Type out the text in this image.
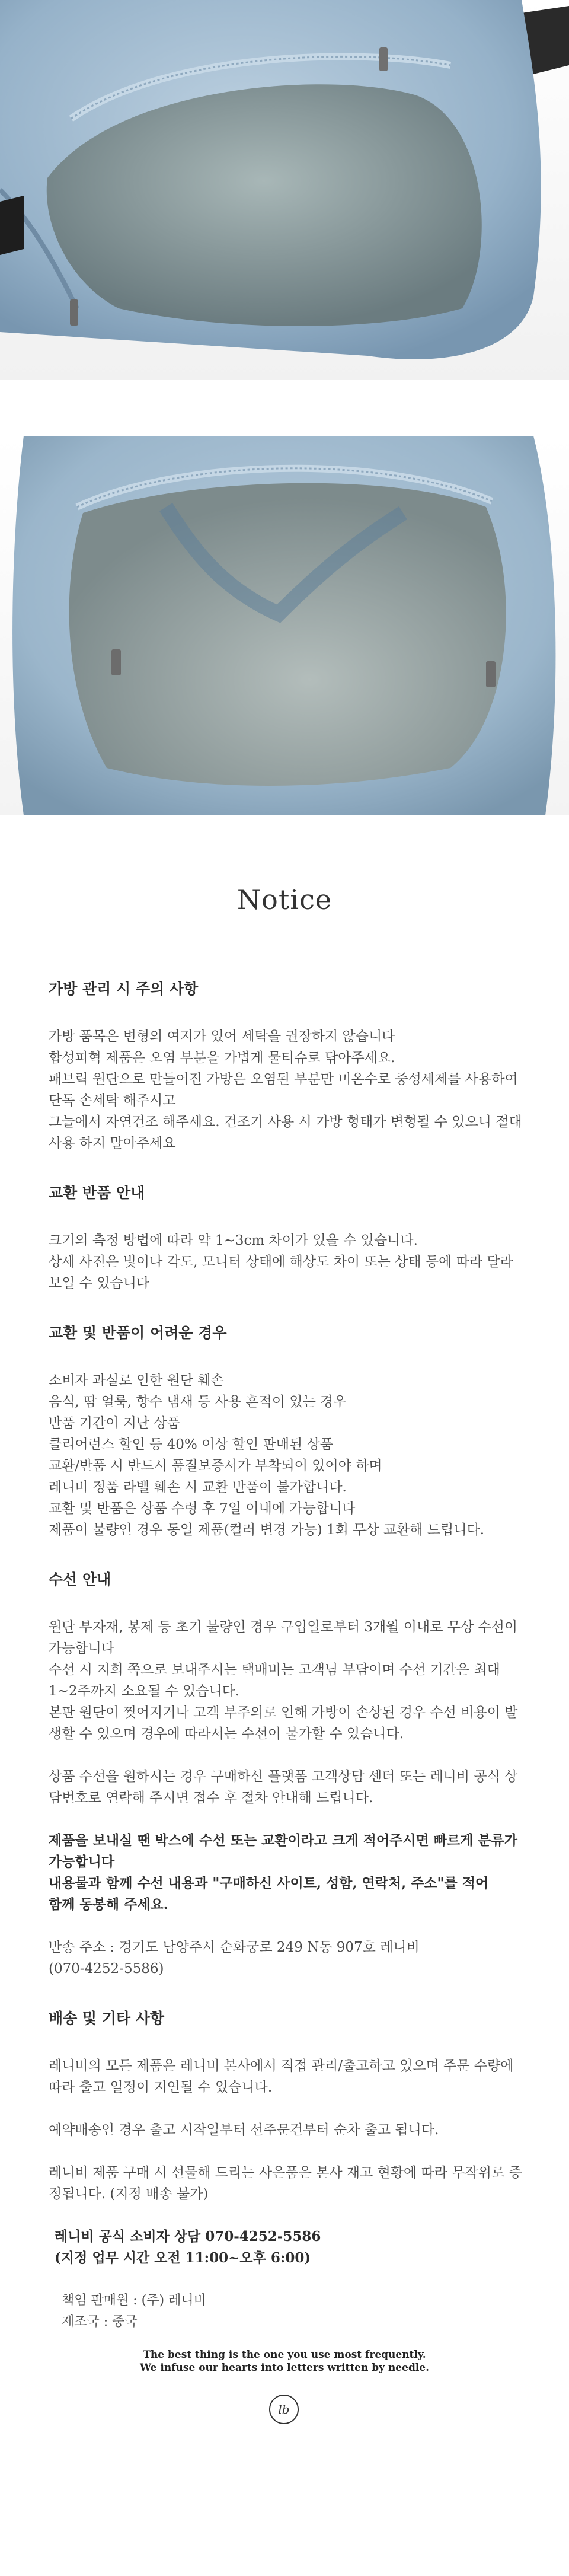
Notice
가방 관리 시 주의 사항

가방 품목은 변형의 여지가 있어 세탁을 권장하지 않습니다
합성피혁 제품은 오염 부분을 가볍게 물티슈로 닦아주세요.
패브릭 원단으로 만들어진 가방은 오염된 부분만 미온수로 중성세제를 사용하여 단독 손세탁 해주시고
그늘에서 자연건조 해주세요. 건조기 사용 시 가방 형태가 변형될 수 있으니 절대 사용 하지 말아주세요

교환 반품 안내

크기의 측정 방법에 따라 약 1~3cm 차이가 있을 수 있습니다.
상세 사진은 빛이나 각도, 모니터 상태에 해상도 차이 또는 상태 등에 따라 달라 보일 수 있습니다

교환 및 반품이 어려운 경우

소비자 과실로 인한 원단 훼손
음식, 땀 얼룩, 향수 냄새 등 사용 흔적이 있는 경우
반품 기간이 지난 상품
클리어런스 할인 등 40% 이상 할인 판매된 상품
교환/반품 시 반드시 품질보증서가 부착되어 있어야 하며
레니비 정품 라벨 훼손 시 교환 반품이 불가합니다.
교환 및 반품은 상품 수령 후 7일 이내에 가능합니다
제품이 불량인 경우 동일 제품(컬러 변경 가능) 1회 무상 교환해 드립니다.

수선 안내

원단 부자재, 봉제 등 초기 불량인 경우 구입일로부터 3개월 이내로 무상 수선이 가능합니다
수선 시 지희 쪽으로 보내주시는 택배비는 고객님 부담이며 수선 기간은 최대 1~2주까지 소요될 수 있습니다.
본판 원단이 찢어지거나 고객 부주의로 인해 가방이 손상된 경우 수선 비용이 발생할 수 있으며 경우에 따라서는 수선이 불가할 수 있습니다.

상품 수선을 원하시는 경우 구매하신 플랫폼 고객상담 센터 또는 레니비 공식 상담번호로 연락해 주시면 접수 후 절차 안내해 드립니다.

제품을 보내실 땐 박스에 수선 또는 교환이라고 크게 적어주시면 빠르게 분류가 가능합니다
내용물과 함께 수선 내용과 "구매하신 사이트, 성함, 연락처, 주소"를 적어
함께 동봉해 주세요.

반송 주소 : 경기도 남양주시 순화궁로 249 N동 907호 레니비
(070-4252-5586)

배송 및 기타 사항

레니비의 모든 제품은 레니비 본사에서 직접 관리/출고하고 있으며 주문 수량에 따라 출고 일정이 지연될 수 있습니다.

예약배송인 경우 출고 시작일부터 선주문건부터 순차 출고 됩니다.

레니비 제품 구매 시 선물해 드리는 사은품은 본사 재고 현황에 따라 무작위로 증정됩니다. (지정 배송 불가)

레니비 공식 소비자 상담 070-4252-5586
(지정 업무 시간 오전 11:00~오후 6:00)
책임 판매원 : (주) 레니비
제조국 : 중국
The best thing is the one you use most frequently.
We infuse our hearts into letters written by needle.
lb
